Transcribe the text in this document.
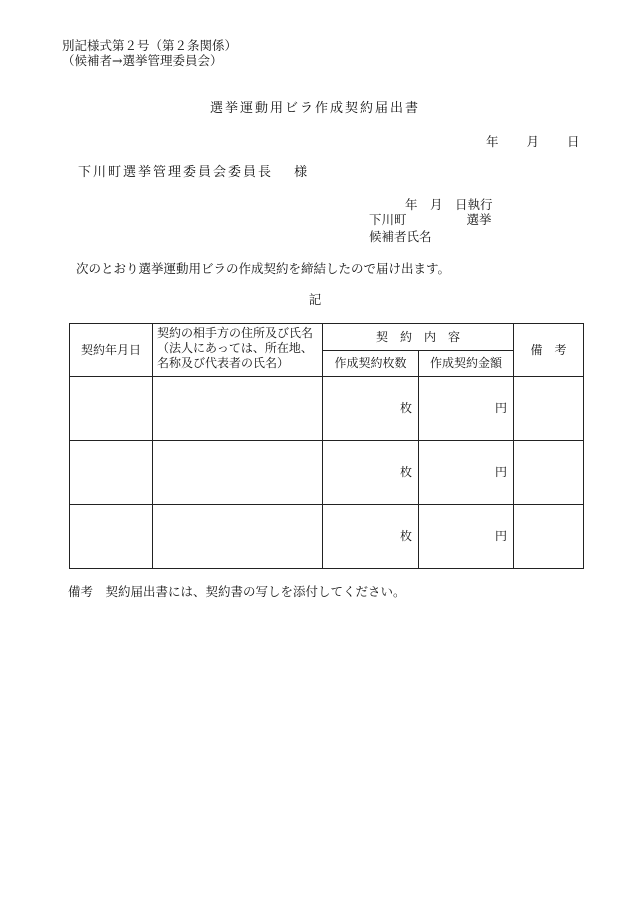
別記様式第２号（第２条関係）
（候補者→選挙管理委員会）
選挙運動用ビラ作成契約届出書
年 月 日
下川町選挙管理委員会委員長　 様
年　月　日執行
下川町	選挙
候補者氏名
次のとおり選挙運動用ビラの作成契約を締結したので届け出ます。
記
契約年月日	契約の相手方の住所及び氏名（法人にあっては、所在地、名称及び代表者の氏名）	契　約　内　容		備　考
		作成契約枚数	作成契約金額	
		枚	円	
		枚	円	
		枚	円	
備考　契約届出書には、契約書の写しを添付してください。
